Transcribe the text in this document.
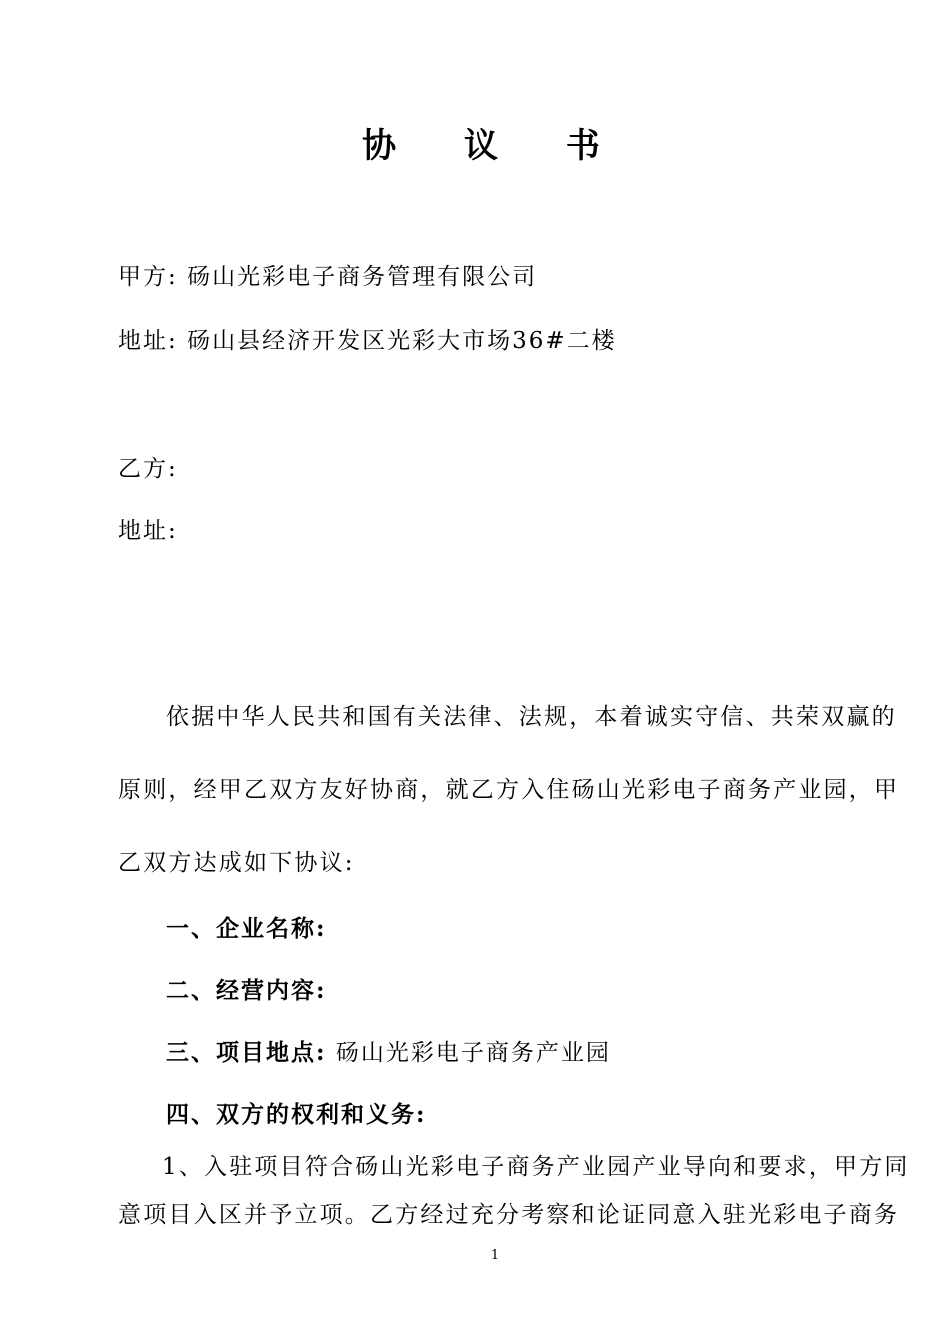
协 议 书
甲方: 砀山光彩电子商务管理有限公司
地址: 砀山县经济开发区光彩大市场36#二楼
乙方:
地址:
依据中华人民共和国有关法律、法规，本着诚实守信、共荣双赢的
原则，经甲乙双方友好协商，就乙方入住砀山光彩电子商务产业园，甲
乙双方达成如下协议:
一、企业名称:
二、经营内容:
三、项目地点: 砀山光彩电子商务产业园
四、双方的权利和义务:
1、入驻项目符合砀山光彩电子商务产业园产业导向和要求，甲方同
意项目入区并予立项。乙方经过充分考察和论证同意入驻光彩电子商务
1
